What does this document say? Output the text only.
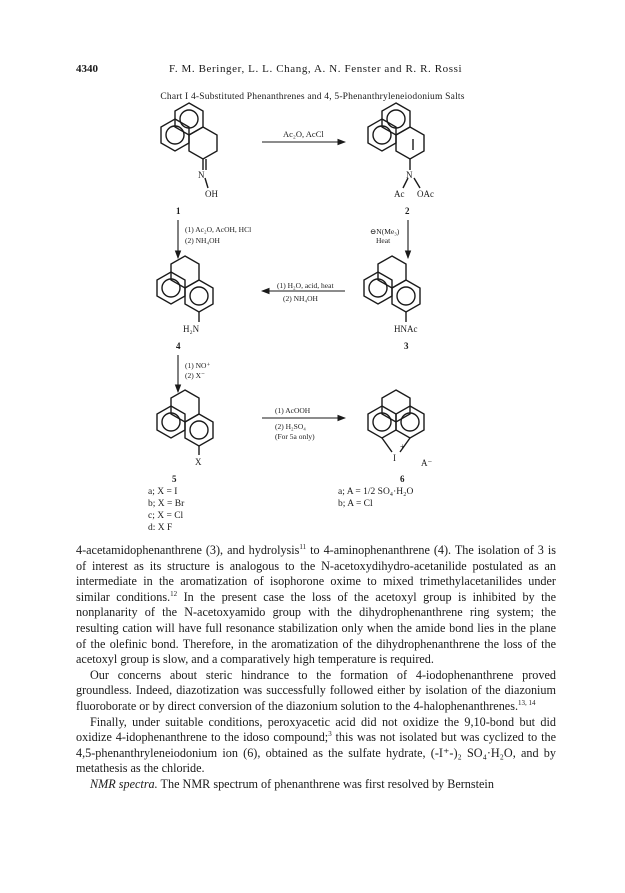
4340	F. M. Beringer, L. L. Chang, A. N. Fenster and R. R. Rossi
Chart I 4-Substituted Phenanthrenes and 4, 5-Phenanthryleneiodonium Salts
N
OH
1
Ac₂O, AcCl
N
Ac OAc
2
(1) Ac₂O, AcOH, HCl
(2) NH₄OH
⊖N(Me₃)
Heat
H₂N
4
(1) H₂O, acid, heat
(2) NH₄OH
HNAc
3
(1) NO⁺
(2) X⁻
X
5
(1) AcOOH
(2) H₂SO₄
(For 5a only)
+
I	A⁻
6
a; X = I
b; X = Br
c; X = Cl
d: X F
a; A = 1/2 SO₄·H₂O
b; A = Cl

4-acetamidophenanthrene (3), and hydrolysis$^{11}$ to 4-aminophenanthrene (4). The isolation of 3 is of interest as its structure is analogous to the N-acetoxydihydro-acetanilide postulated as an intermediate in the aromatization of isophorone oxime to mixed trimethylacetanilides under similar conditions.$^{12}$ In the present case the loss of the acetoxyl group is inhibited by the nonplanarity of the N-acetoxyamido group with the dihydrophenanthrene ring system; the resulting cation will have full resonance stabilization only when the amide bond lies in the plane of the olefinic bond. Therefore, in the aromatization of the dihydrophenanthrene the loss of the acetoxyl group is slow, and a comparatively high temperature is required.

Our concerns about steric hindrance to the formation of 4-iodophenanthrene proved groundless. Indeed, diazotization was successfully followed either by isolation of the diazonium fluoroborate or by direct conversion of the diazonium solution to the 4-halophenanthrenes.$^{13, 14}$

Finally, under suitable conditions, peroxyacetic acid did not oxidize the 9,10-bond but did oxidize 4-idophenanthrene to the idoso compound;$^3$ this was not isolated but was cyclized to the 4,5-phenanthryleneiodonium ion (6), obtained as the sulfate hydrate, (-I⁺-)₂ SO₄·H₂O, and by metathesis as the chloride.

NMR spectra. The NMR spectrum of phenanthrene was first resolved by Bernstein
